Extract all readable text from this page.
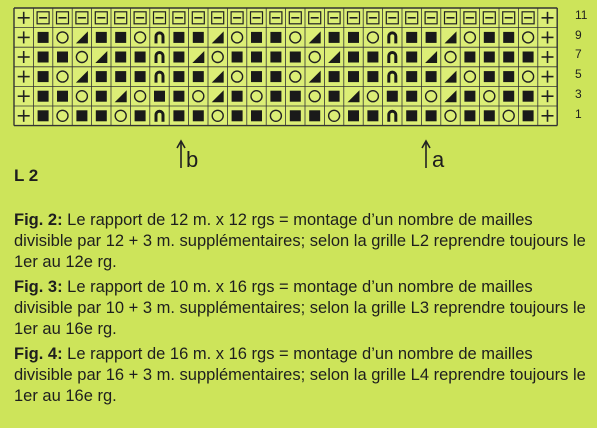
11
9
7
5
3
1
b	a
L 2

Fig. 2: Le rapport de 12 m. x 12 rgs = montage d’un nombre de mailles divisible par 12 + 3 m. supplémentaires; selon la grille L2 reprendre toujours le 1er au 12e rg.

Fig. 3: Le rapport de 10 m. x 16 rgs = montage d’un nombre de mailles divisible par 10 + 3 m. supplémentaires; selon la grille L3 reprendre toujours le 1er au 16e rg.

Fig. 4: Le rapport de 16 m. x 16 rgs = montage d’un nombre de mailles divisible par 16 + 3 m. supplémentaires; selon la grille L4 reprendre toujours le 1er au 16e rg.
